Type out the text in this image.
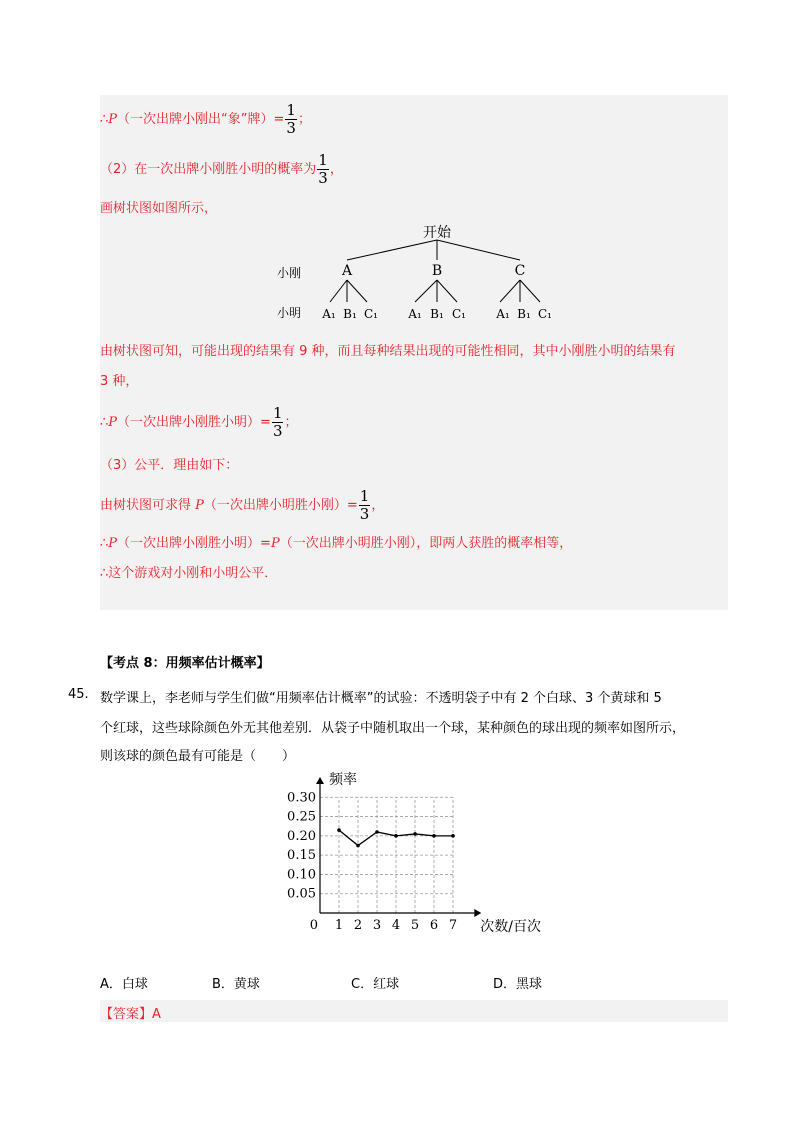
∴P（一次出牌小刚出“象”牌）= $\frac{1}{3}$ ；
（2）在一次出牌小刚胜小明的概率为 $\frac{1}{3}$ ，
画树状图如图所示，
开始
小刚
小明
A	B	C
A₁ B₁ C₁	A₁ B₁ C₁	A₁ B₁ C₁
由树状图可知，可能出现的结果有 9 种，而且每种结果出现的可能性相同，其中小刚胜小明的结果有
3 种，
∴P（一次出牌小刚胜小明）= $\frac{1}{3}$ ；
（3）公平．理由如下：
由树状图可求得 P（一次出牌小明胜小刚）= $\frac{1}{3}$ ，
∴P（一次出牌小刚胜小明）=P（一次出牌小明胜小刚），即两人获胜的概率相等，
∴这个游戏对小刚和小明公平．
【考点 8：用频率估计概率】
45. 数学课上，李老师与学生们做“用频率估计概率”的试验：不透明袋子中有 2 个白球、3 个黄球和 5
个红球，这些球除颜色外无其他差别．从袋子中随机取出一个球，某种颜色的球出现的频率如图所示，
则该球的颜色最有可能是（　　）
0.05
0.10
0.15
0.20
0.25
0.30
1 2 3 4 5 6 7
0
频率
次数/百次
A．白球	B．黄球	C．红球	D．黑球
【答案】A
